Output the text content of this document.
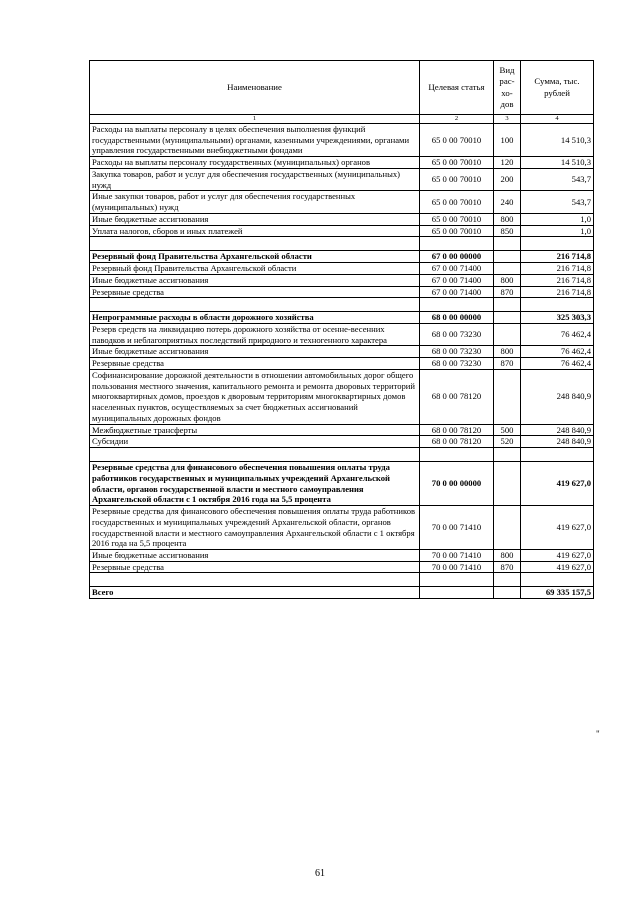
Наименование	Целевая статья	Вид рас-хо-дов	Сумма, тыс. рублей
1	2	3	4
Расходы на выплаты персоналу в целях обеспечения выполнения функций государственными (муниципальными) органами, казенными учреждениями, органами управления государственными внебюджетными фондами	65 0 00 70010	100	14 510,3
Расходы на выплаты персоналу государственных (муниципальных) органов	65 0 00 70010	120	14 510,3
Закупка товаров, работ и услуг для обеспечения государственных (муниципальных) нужд	65 0 00 70010	200	543,7
Иные закупки товаров, работ и услуг для обеспечения государственных (муниципальных) нужд	65 0 00 70010	240	543,7
Иные бюджетные ассигнования	65 0 00 70010	800	1,0
Уплата налогов, сборов и иных платежей	65 0 00 70010	850	1,0

Резервный фонд Правительства Архангельской области	67 0 00 00000		216 714,8
Резервный фонд Правительства Архангельской области	67 0 00 71400		216 714,8
Иные бюджетные ассигнования	67 0 00 71400	800	216 714,8
Резервные средства	67 0 00 71400	870	216 714,8

Непрограммные расходы в области дорожного хозяйства	68 0 00 00000		325 303,3
Резерв средств на ликвидацию потерь дорожного хозяйства от осенне-весенних паводков и неблагоприятных последствий природного и техногенного характера	68 0 00 73230		76 462,4
Иные бюджетные ассигнования	68 0 00 73230	800	76 462,4
Резервные средства	68 0 00 73230	870	76 462,4
Софинансирование дорожной деятельности в отношении автомобильных дорог общего пользования местного значения, капитального ремонта и ремонта дворовых территорий многоквартирных домов, проездов к дворовым территориям многоквартирных домов населенных пунктов, осуществляемых за счет бюджетных ассигнований муниципальных дорожных фондов	68 0 00 78120		248 840,9
Межбюджетные трансферты	68 0 00 78120	500	248 840,9
Субсидии	68 0 00 78120	520	248 840,9

Резервные средства для финансового обеспечения повышения оплаты труда работников государственных и муниципальных учреждений Архангельской области, органов государственной власти и местного самоуправления Архангельской области с 1 октября 2016 года на 5,5 процента	70 0 00 00000		419 627,0
Резервные средства для финансового обеспечения повышения оплаты труда работников государственных и муниципальных учреждений Архангельской области, органов государственной власти и местного самоуправления Архангельской области с 1 октября 2016 года на 5,5 процента	70 0 00 71410		419 627,0
Иные бюджетные ассигнования	70 0 00 71410	800	419 627,0
Резервные средства	70 0 00 71410	870	419 627,0

Всего			69 335 157,5
"
61
